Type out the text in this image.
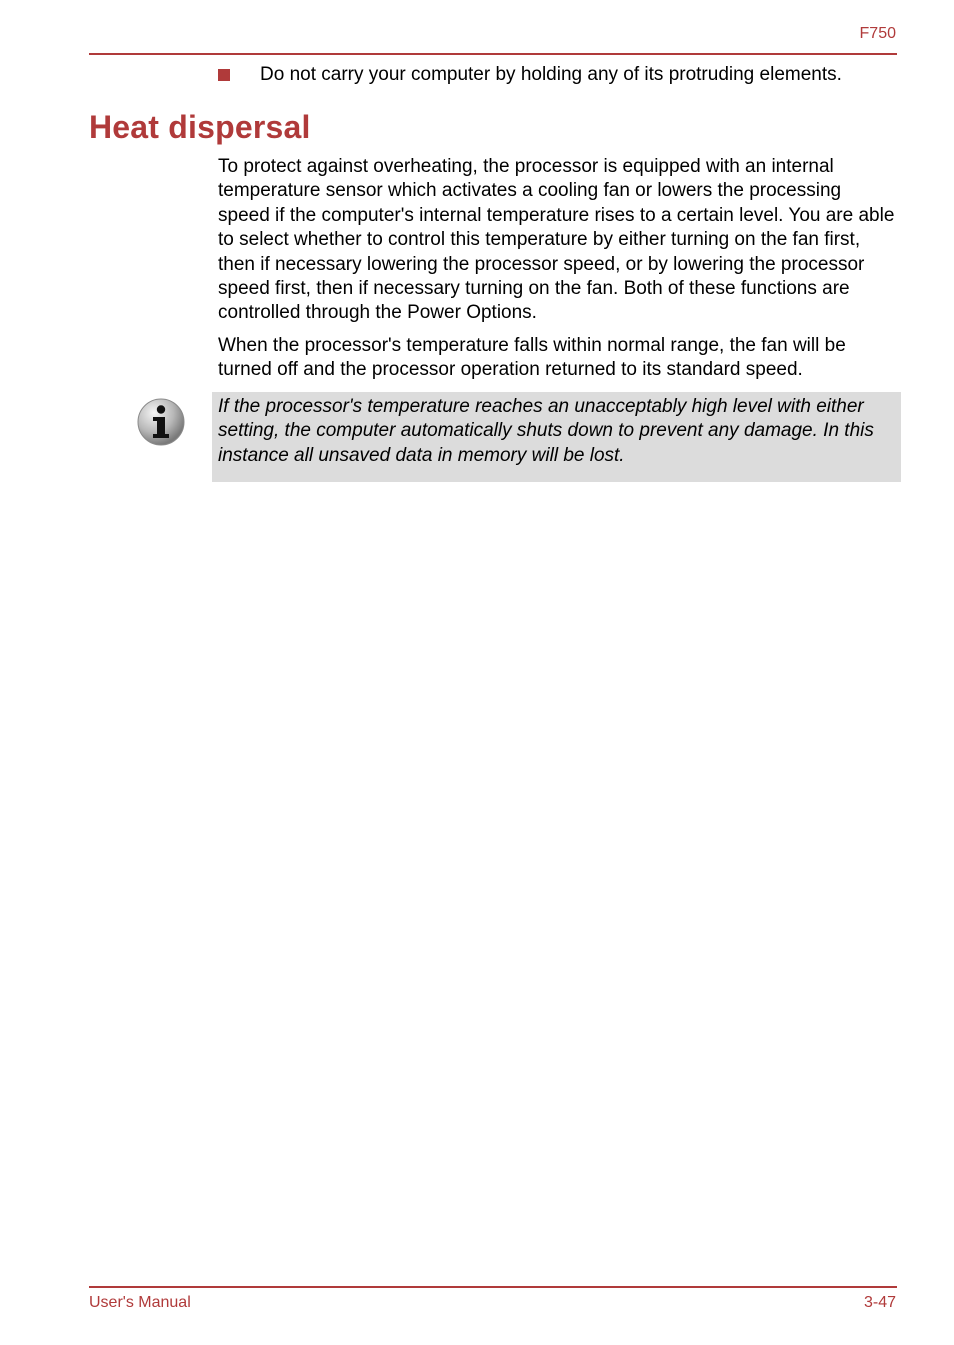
F750
Do not carry your computer by holding any of its protruding elements.
Heat dispersal

To protect against overheating, the processor is equipped with an internal temperature sensor which activates a cooling fan or lowers the processing speed if the computer's internal temperature rises to a certain level. You are able to select whether to control this temperature by either turning on the fan first, then if necessary lowering the processor speed, or by lowering the processor speed first, then if necessary turning on the fan. Both of these functions are controlled through the Power Options.

When the processor's temperature falls within normal range, the fan will be turned off and the processor operation returned to its standard speed.

If the processor's temperature reaches an unacceptably high level with either setting, the computer automatically shuts down to prevent any damage. In this instance all unsaved data in memory will be lost.

User's Manual	3-47
